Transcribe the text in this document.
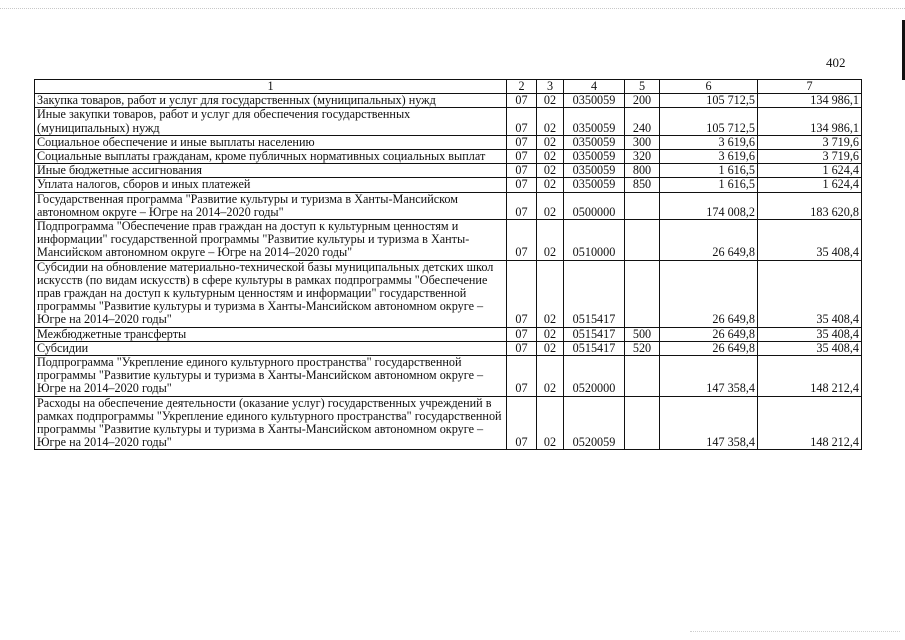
402
1	2	3	4	5	6	7
Закупка товаров, работ и услуг для государственных (муниципальных) нужд	07	02	0350059	200	105 712,5	134 986,1
Иные закупки товаров, работ и услуг для обеспечения государственных (муниципальных) нужд	07	02	0350059	240	105 712,5	134 986,1
Социальное обеспечение и иные выплаты населению	07	02	0350059	300	3 619,6	3 719,6
Социальные выплаты гражданам, кроме публичных нормативных социальных выплат	07	02	0350059	320	3 619,6	3 719,6
Иные бюджетные ассигнования	07	02	0350059	800	1 616,5	1 624,4
Уплата налогов, сборов и иных платежей	07	02	0350059	850	1 616,5	1 624,4
Государственная программа "Развитие культуры и туризма в Ханты-Мансийском автономном округе – Югре на 2014–2020 годы"	07	02	0500000		174 008,2	183 620,8
Подпрограмма "Обеспечение прав граждан на доступ к культурным ценностям и информации" государственной программы "Развитие культуры и туризма в Ханты-Мансийском автономном округе – Югре на 2014–2020 годы"	07	02	0510000		26 649,8	35 408,4
Субсидии на обновление материально-технической базы муниципальных детских школ искусств (по видам искусств) в сфере культуры в рамках подпрограммы "Обеспечение прав граждан на доступ к культурным ценностям и информации" государственной программы "Развитие культуры и туризма в Ханты-Мансийском автономном округе – Югре на 2014–2020 годы"	07	02	0515417		26 649,8	35 408,4
Межбюджетные трансферты	07	02	0515417	500	26 649,8	35 408,4
Субсидии	07	02	0515417	520	26 649,8	35 408,4
Подпрограмма "Укрепление единого культурного пространства" государственной программы "Развитие культуры и туризма в Ханты-Мансийском автономном округе – Югре на 2014–2020 годы"	07	02	0520000		147 358,4	148 212,4
Расходы на обеспечение деятельности (оказание услуг) государственных учреждений в рамках подпрограммы "Укрепление единого культурного пространства" государственной программы "Развитие культуры и туризма в Ханты-Мансийском автономном округе – Югре на 2014–2020 годы"	07	02	0520059		147 358,4	148 212,4
